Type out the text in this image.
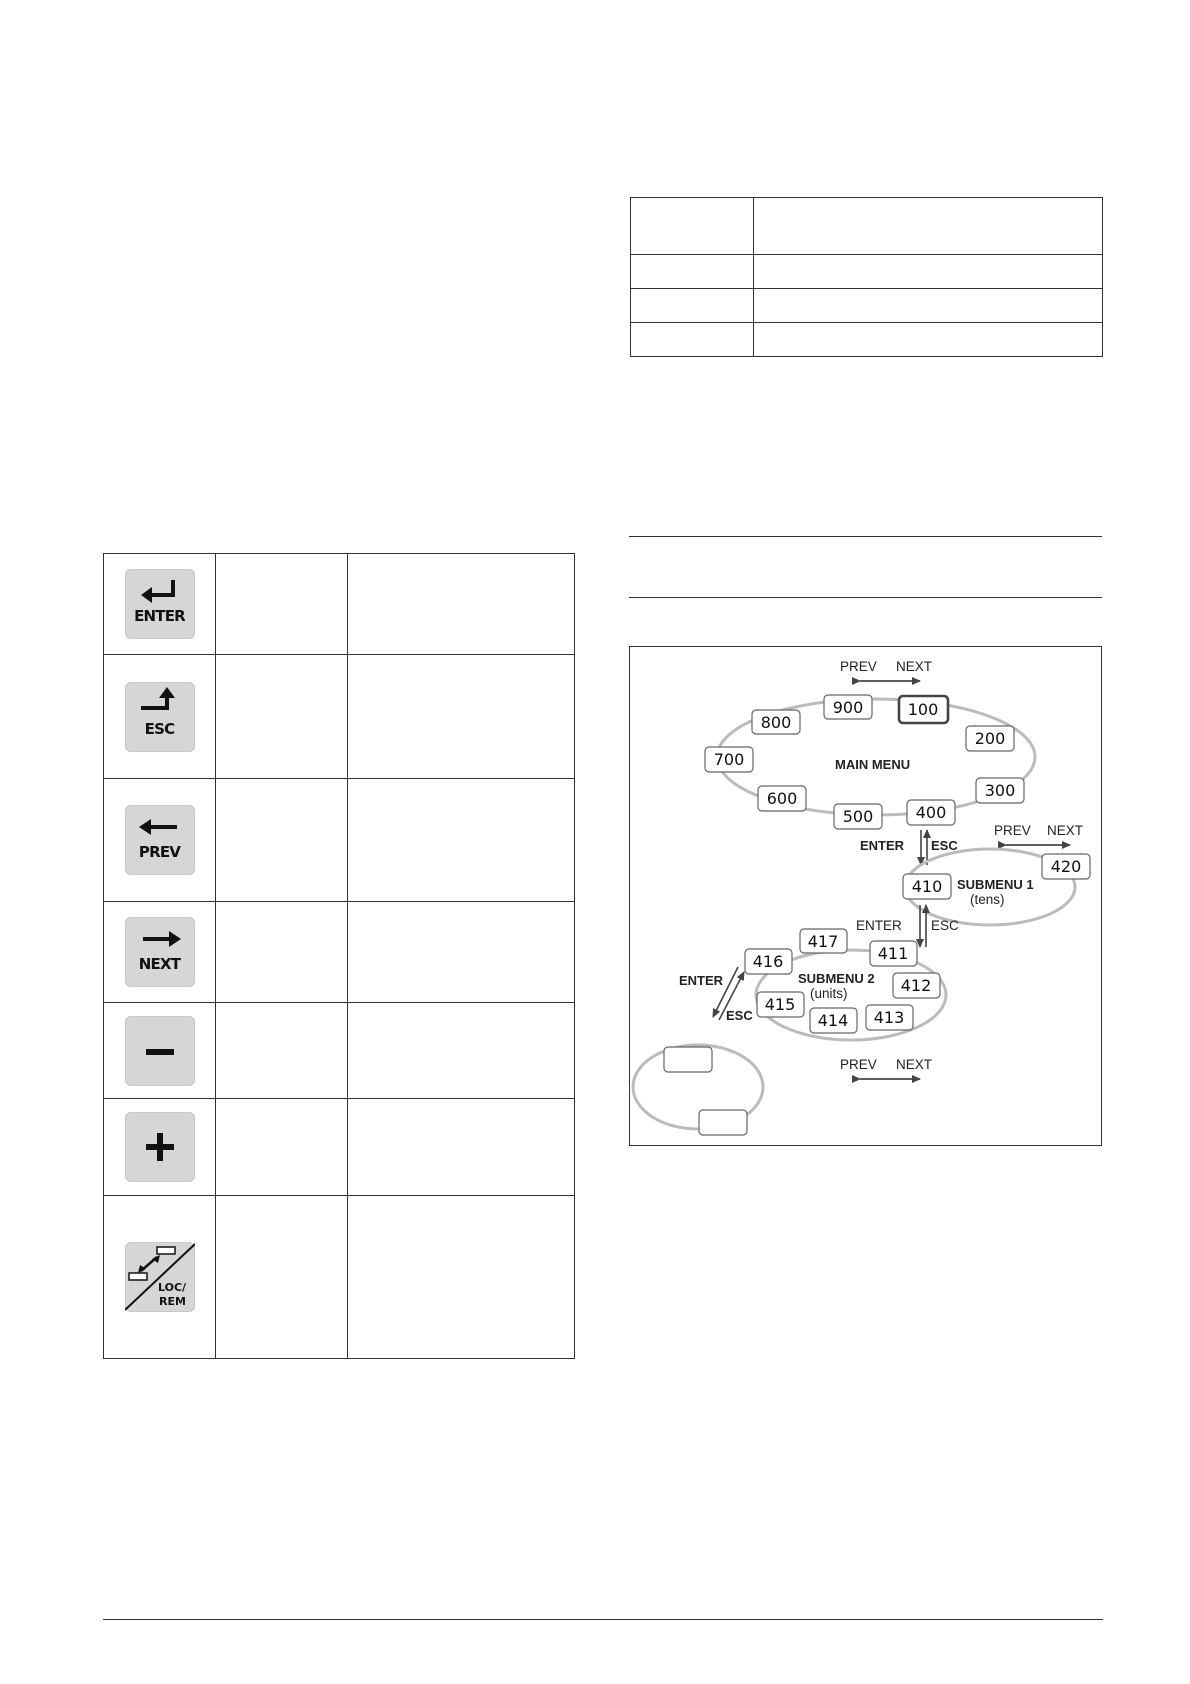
ENTER		

ESC		

PREV		

NEXT		

LOC/
REM		

PREV NEXT
MAIN MENU
900	100
800
200
700
300
600
400
500
ENTER ESC
PREV NEXT
SUBMENU 1
(tens)
410
420
ENTER ESC
SUBMENU 2
(units)
417
411
416
412
415
413
414
ENTER
ESC
PREV NEXT
